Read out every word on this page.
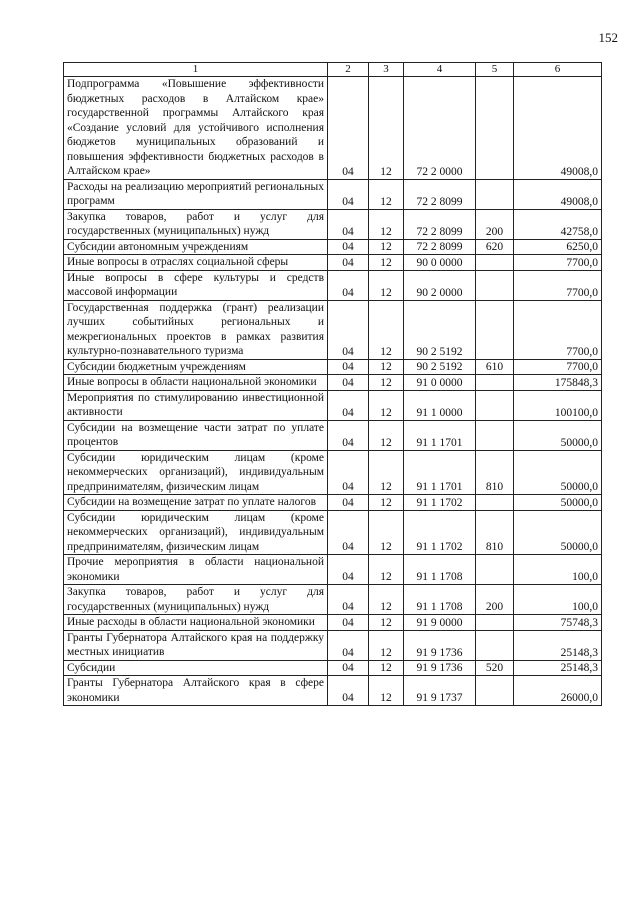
152
1	2	3	4	5	6
Подпрограмма «Повышение эффективности бюджетных расходов в Алтайском крае» государственной программы Алтайского края «Создание условий для устойчивого исполнения бюджетов муниципальных образований и повышения эффективности бюджетных расходов в Алтайском крае»	04	12	72 2 0000		49008,0
Расходы на реализацию мероприятий региональных программ	04	12	72 2 8099		49008,0
Закупка товаров, работ и услуг для государственных (муниципальных) нужд	04	12	72 2 8099	200	42758,0
Субсидии автономным учреждениям	04	12	72 2 8099	620	6250,0
Иные вопросы в отраслях социальной сферы	04	12	90 0 0000		7700,0
Иные вопросы в сфере культуры и средств массовой информации	04	12	90 2 0000		7700,0
Государственная поддержка (грант) реализации лучших событийных региональных и межрегиональных проектов в рамках развития культурно-познавательного туризма	04	12	90 2 5192		7700,0
Субсидии бюджетным учреждениям	04	12	90 2 5192	610	7700,0
Иные вопросы в области национальной экономики	04	12	91 0 0000		175848,3
Мероприятия по стимулированию инвестиционной активности	04	12	91 1 0000		100100,0
Субсидии на возмещение части затрат по уплате процентов	04	12	91 1 1701		50000,0
Субсидии юридическим лицам (кроме некоммерческих организаций), индивидуальным предпринимателям, физическим лицам	04	12	91 1 1701	810	50000,0
Субсидии на возмещение затрат по уплате налогов	04	12	91 1 1702		50000,0
Субсидии юридическим лицам (кроме некоммерческих организаций), индивидуальным предпринимателям, физическим лицам	04	12	91 1 1702	810	50000,0
Прочие мероприятия в области национальной экономики	04	12	91 1 1708		100,0
Закупка товаров, работ и услуг для государственных (муниципальных) нужд	04	12	91 1 1708	200	100,0
Иные расходы в области национальной экономики	04	12	91 9 0000		75748,3
Гранты Губернатора Алтайского края на поддержку местных инициатив	04	12	91 9 1736		25148,3
Субсидии	04	12	91 9 1736	520	25148,3
Гранты Губернатора Алтайского края в сфере экономики	04	12	91 9 1737		26000,0
